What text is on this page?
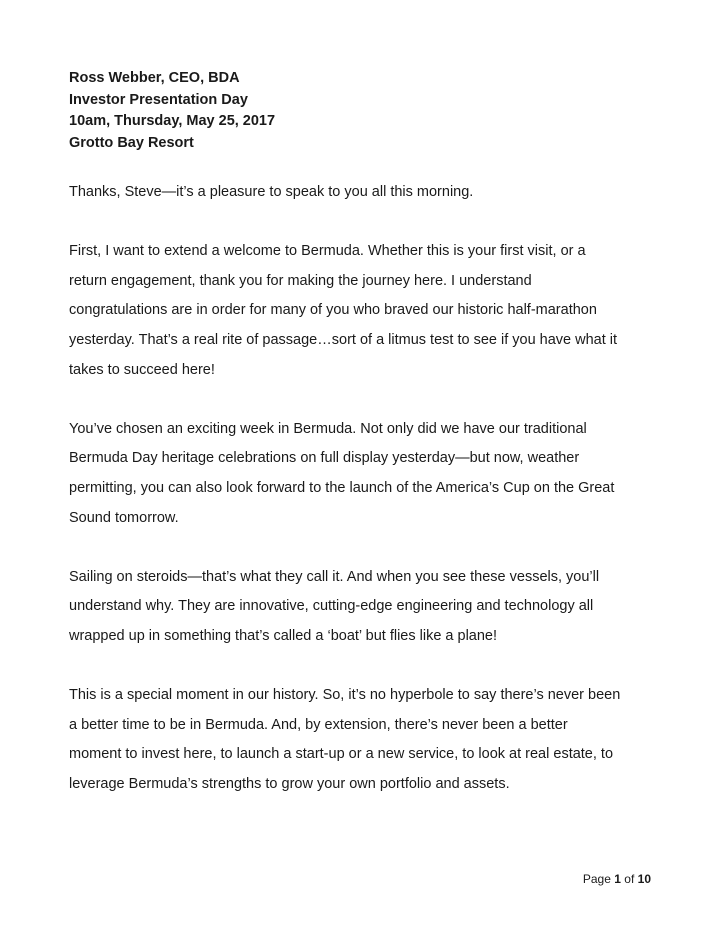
Ross Webber, CEO, BDA
Investor Presentation Day
10am, Thursday, May 25, 2017
Grotto Bay Resort
Thanks, Steve—it’s a pleasure to speak to you all this morning.
First, I want to extend a welcome to Bermuda. Whether this is your first visit, or a
return engagement, thank you for making the journey here. I understand
congratulations are in order for many of you who braved our historic half-marathon
yesterday. That’s a real rite of passage…sort of a litmus test to see if you have what it
takes to succeed here!
You’ve chosen an exciting week in Bermuda. Not only did we have our traditional
Bermuda Day heritage celebrations on full display yesterday—but now, weather
permitting, you can also look forward to the launch of the America’s Cup on the Great
Sound tomorrow.
Sailing on steroids—that’s what they call it. And when you see these vessels, you’ll
understand why. They are innovative, cutting-edge engineering and technology all
wrapped up in something that’s called a ‘boat’ but flies like a plane!
This is a special moment in our history. So, it’s no hyperbole to say there’s never been
a better time to be in Bermuda. And, by extension, there’s never been a better
moment to invest here, to launch a start-up or a new service, to look at real estate, to
leverage Bermuda’s strengths to grow your own portfolio and assets.
Page 1 of 10
